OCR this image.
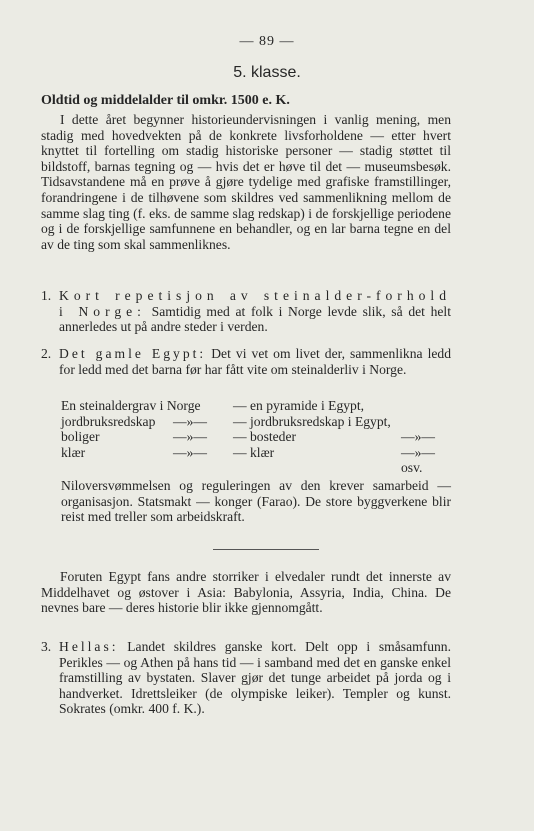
— 89 —
5. klasse.
Oldtid og middelalder til omkr. 1500 e. K.
I dette året begynner historieundervisningen i vanlig mening, men stadig med hovedvekten på de konkrete livsforholdene — etter hvert knyttet til fortelling om stadig historiske personer — stadig støttet til bildstoff, barnas tegning og — hvis det er høve til det — museumsbesøk. Tidsavstandene må en prøve å gjøre tydelige med grafiske framstillinger, forandringene i de tilhøvene som skildres ved sammenlikning mellom de samme slag ting (f. eks. de samme slag redskap) i de forskjellige periodene og i de forskjellige samfunnene en behandler, og en lar barna tegne en del av de ting som skal sammenliknes.
1. Kort repetisjon av steinalder-forhold i Norge: Samtidig med at folk i Norge levde slik, så det helt annerledes ut på andre steder i verden.
2. Det gamle Egypt: Det vi vet om livet der, sammenlikna ledd for ledd med det barna før har fått vite om steinalderliv i Norge.
En steinaldergrav i Norge — en pyramide i Egypt,
jordbruksredskap —»— — jordbruksredskap i Egypt,
boliger	—»— — bosteder	—»—
klær	—»— — klær	—»— osv.
Niloversvømmelsen og reguleringen av den krever samarbeid — organisasjon. Statsmakt — konger (Farao). De store byggverkene blir reist med treller som arbeidskraft.
Foruten Egypt fans andre storriker i elvedaler rundt det innerste av Middelhavet og østover i Asia: Babylonia, Assyria, India, China. De nevnes bare — deres historie blir ikke gjennomgått.
3. Hellas: Landet skildres ganske kort. Delt opp i småsamfunn. Perikles — og Athen på hans tid — i samband med det en ganske enkel framstilling av bystaten. Slaver gjør det tunge arbeidet på jorda og i handverket. Idrettsleiker (de olympiske leiker). Templer og kunst. Sokrates (omkr. 400 f. K.).
